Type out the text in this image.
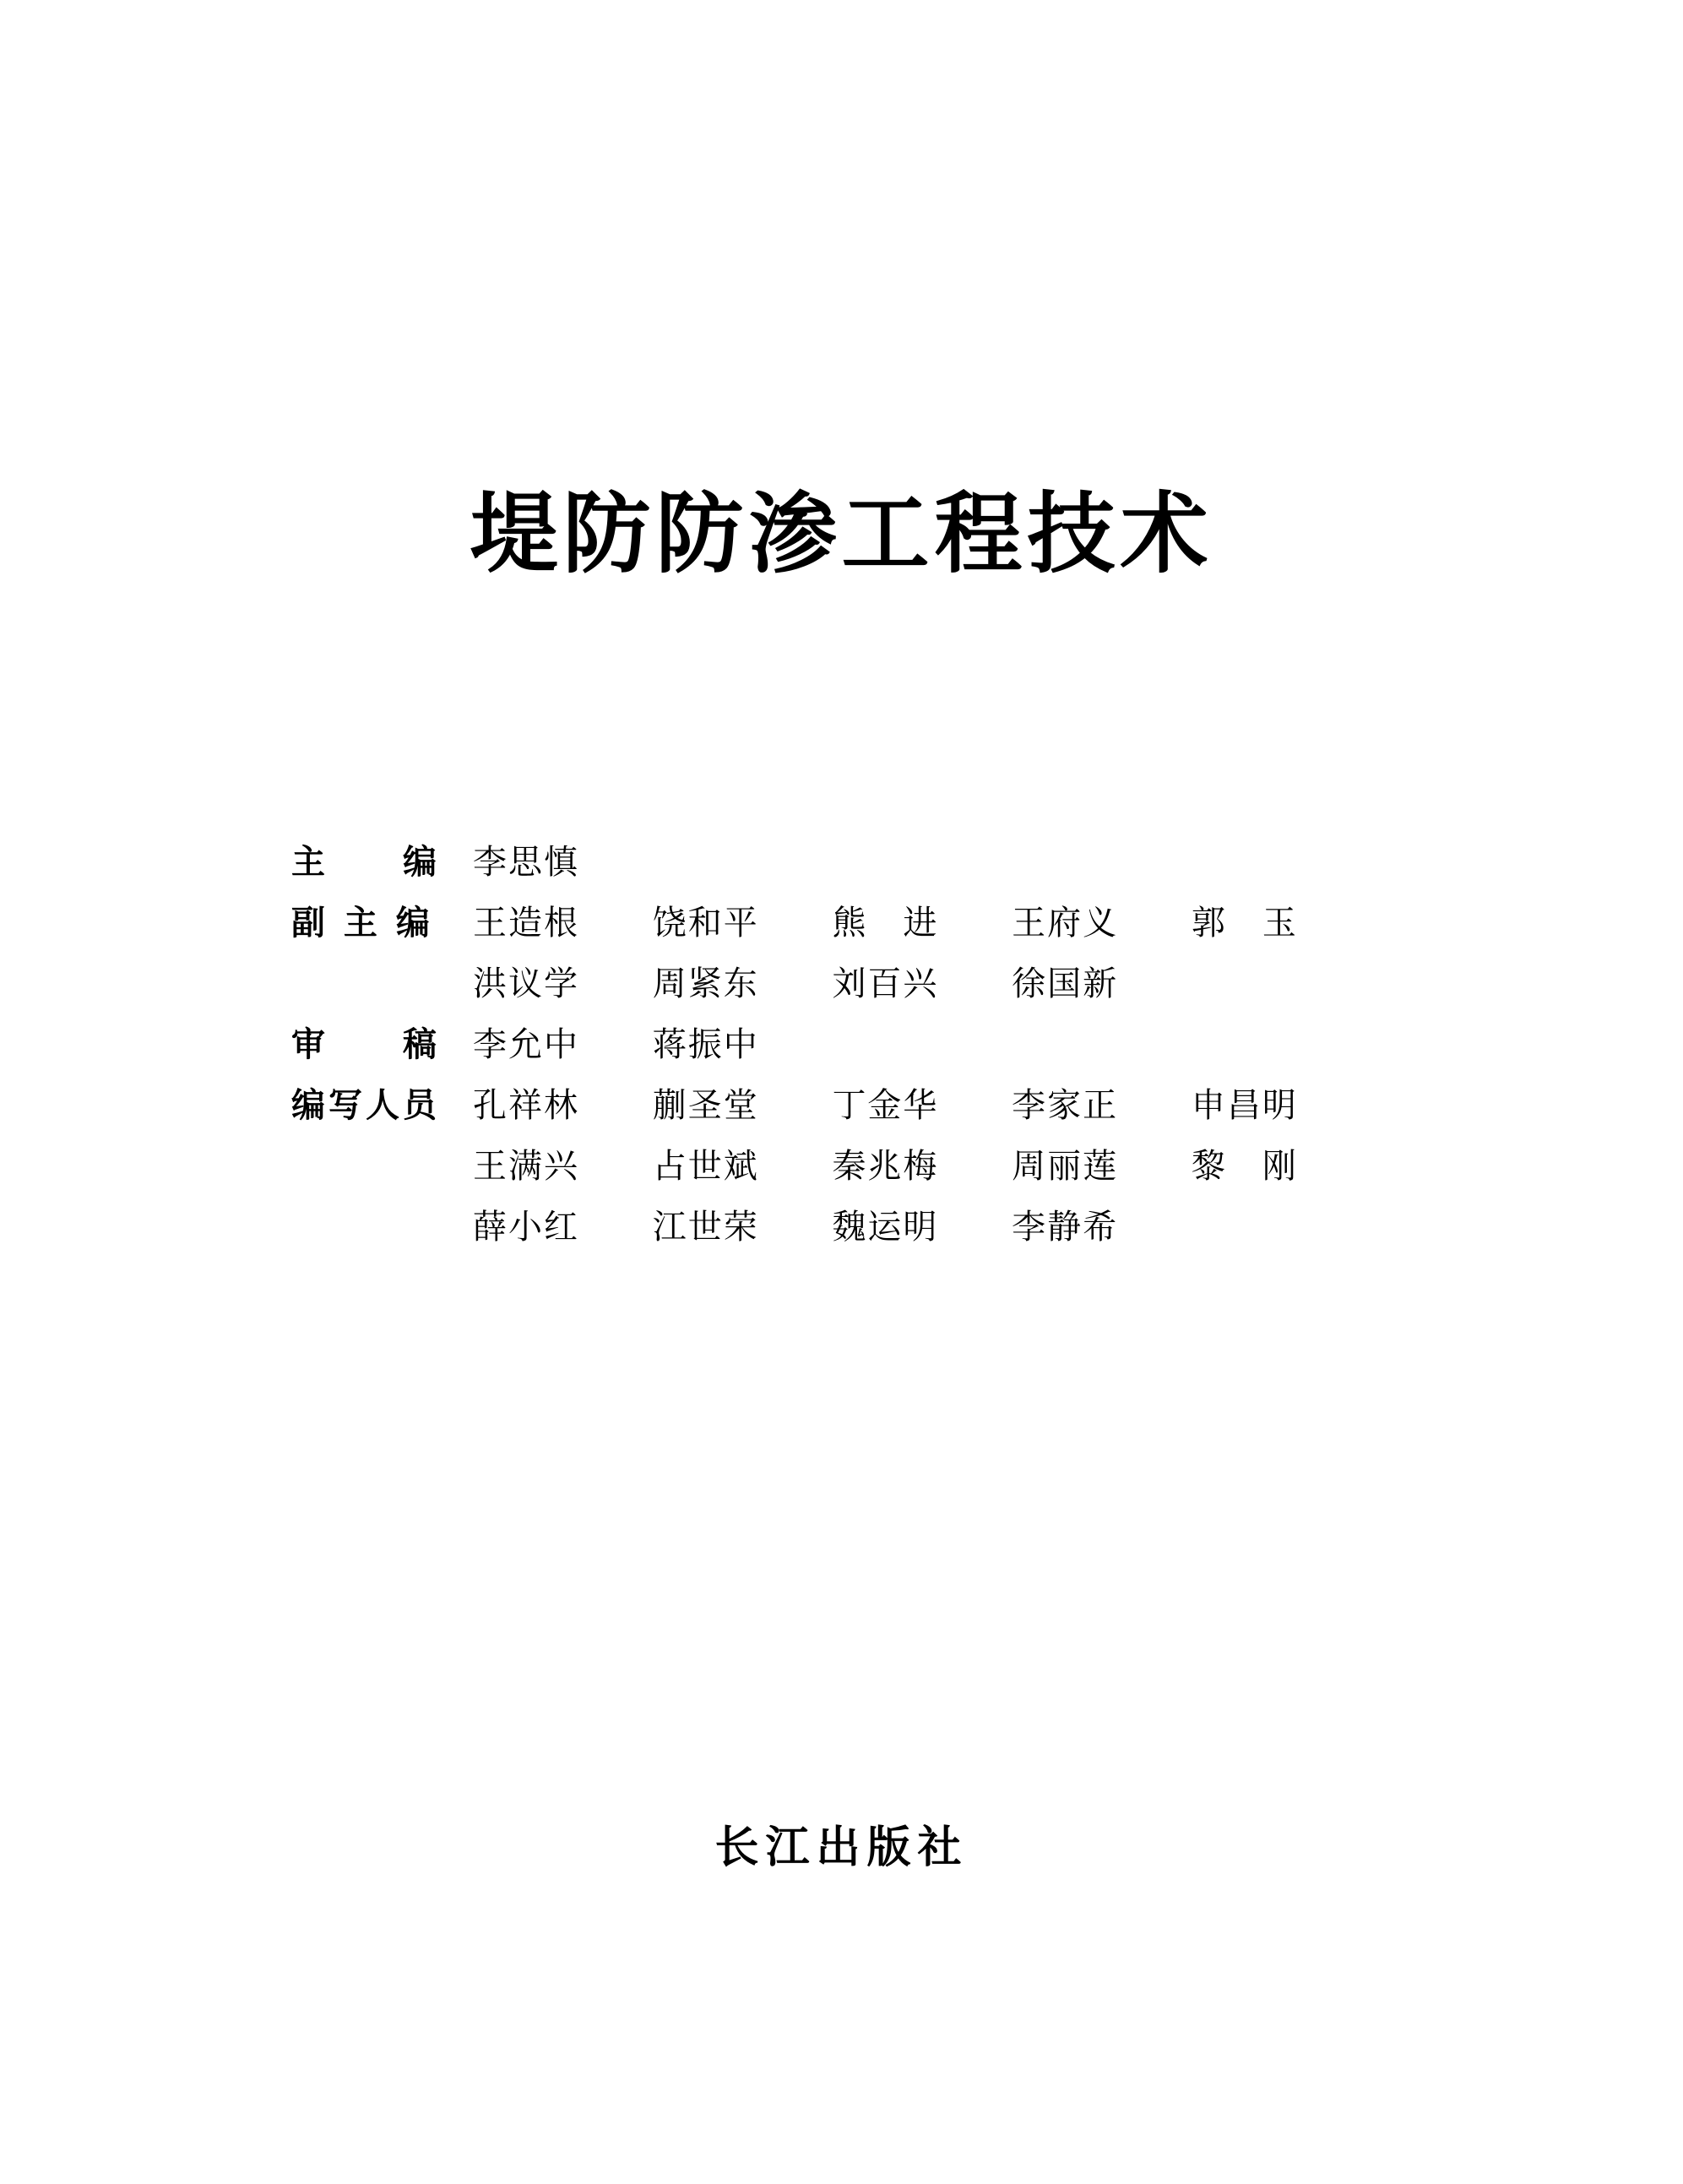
堤防防渗工程技术
主　　编 李思慎
副 主 编	王造根 饶和平 熊　进 王府义 郭　玉
洪议学 周紧东 刘百兴 徐国新
审　　稿 李允中 蒋振中
编写人员 孔祥林 蒯圣堂 丁金华 李家正 申昌明
王满兴 占世斌 秦兆梅 周丽莲 黎　刚
薛小红 江世荣 魏运明 李静希
长江出版社
